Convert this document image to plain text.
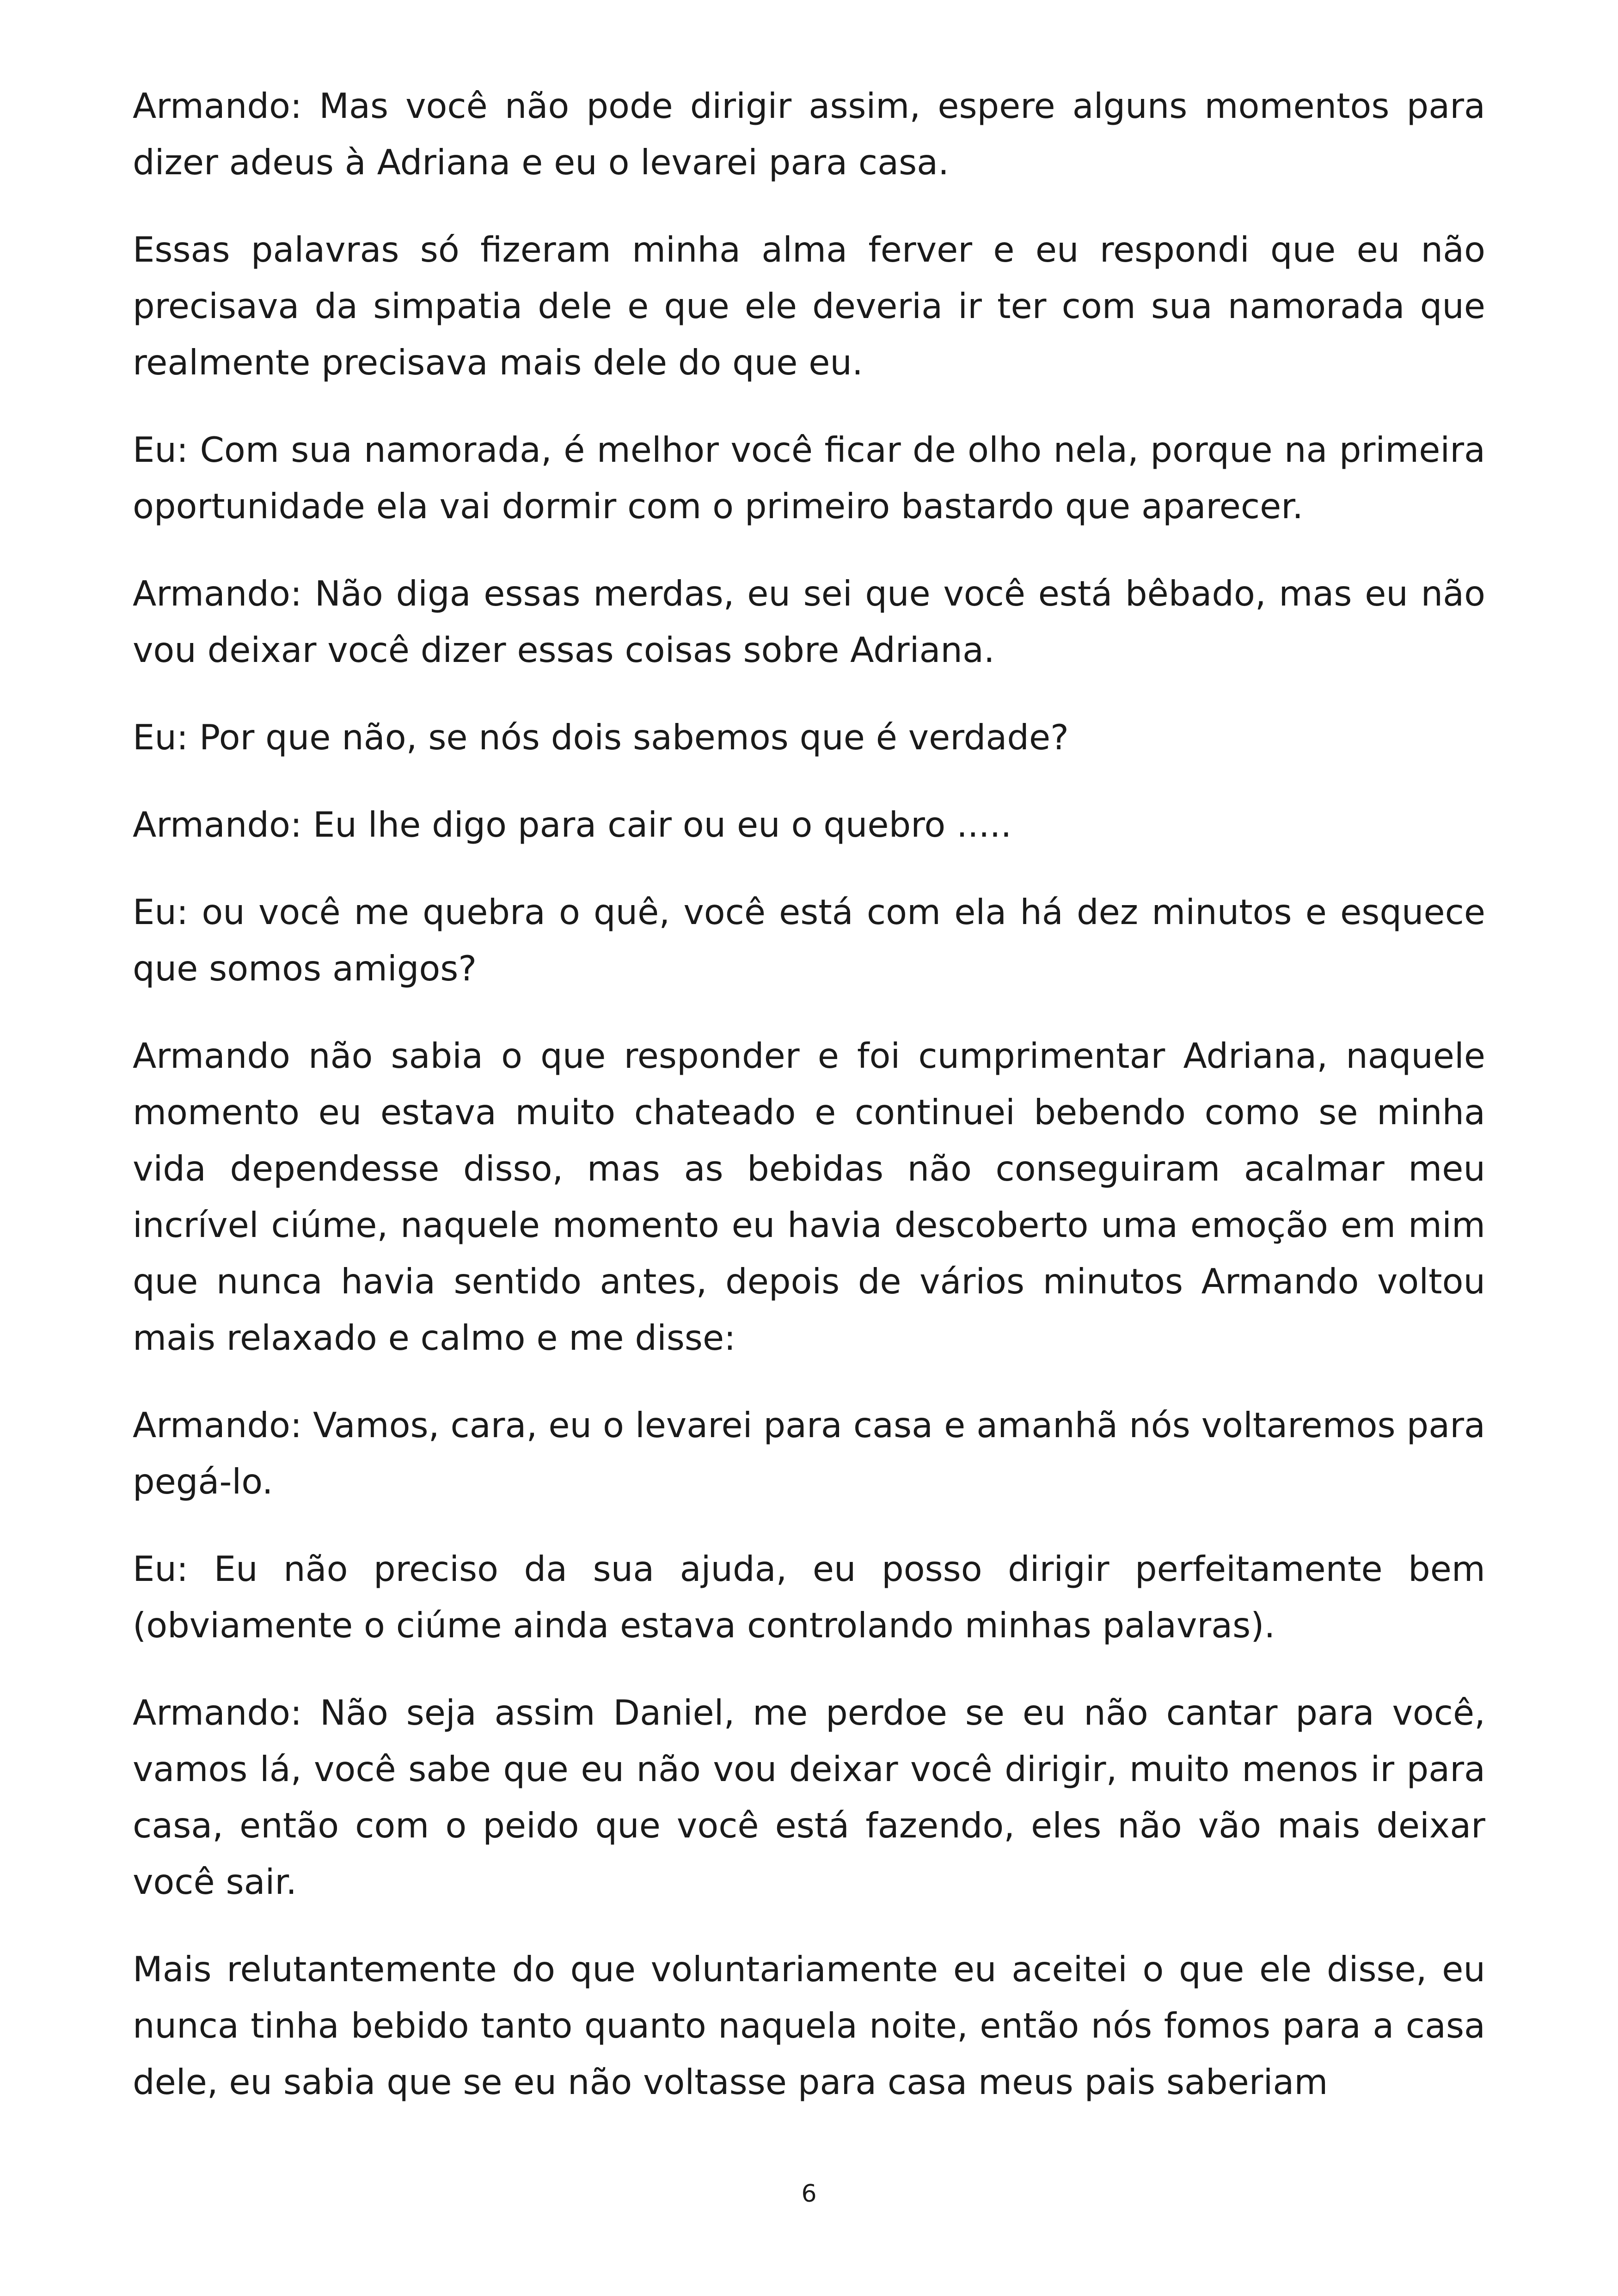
Armando: Mas você não pode dirigir assim, espere alguns momentos para dizer adeus à Adriana e eu o levarei para casa.

Essas palavras só fizeram minha alma ferver e eu respondi que eu não precisava da simpatia dele e que ele deveria ir ter com sua namorada que realmente precisava mais dele do que eu.

Eu: Com sua namorada, é melhor você ficar de olho nela, porque na primeira oportunidade ela vai dormir com o primeiro bastardo que aparecer.

Armando: Não diga essas merdas, eu sei que você está bêbado, mas eu não vou deixar você dizer essas coisas sobre Adriana.

Eu: Por que não, se nós dois sabemos que é verdade?

Armando: Eu lhe digo para cair ou eu o quebro .....

Eu: ou você me quebra o quê, você está com ela há dez minutos e esquece que somos amigos?

Armando não sabia o que responder e foi cumprimentar Adriana, naquele momento eu estava muito chateado e continuei bebendo como se minha vida dependesse disso, mas as bebidas não conseguiram acalmar meu incrível ciúme, naquele momento eu havia descoberto uma emoção em mim que nunca havia sentido antes, depois de vários minutos Armando voltou mais relaxado e calmo e me disse:

Armando: Vamos, cara, eu o levarei para casa e amanhã nós voltaremos para pegá-lo.

Eu: Eu não preciso da sua ajuda, eu posso dirigir perfeitamente bem (obviamente o ciúme ainda estava controlando minhas palavras).

Armando: Não seja assim Daniel, me perdoe se eu não cantar para você, vamos lá, você sabe que eu não vou deixar você dirigir, muito menos ir para casa, então com o peido que você está fazendo, eles não vão mais deixar você sair.

Mais relutantemente do que voluntariamente eu aceitei o que ele disse, eu nunca tinha bebido tanto quanto naquela noite, então nós fomos para a casa dele, eu sabia que se eu não voltasse para casa meus pais saberiam

6
